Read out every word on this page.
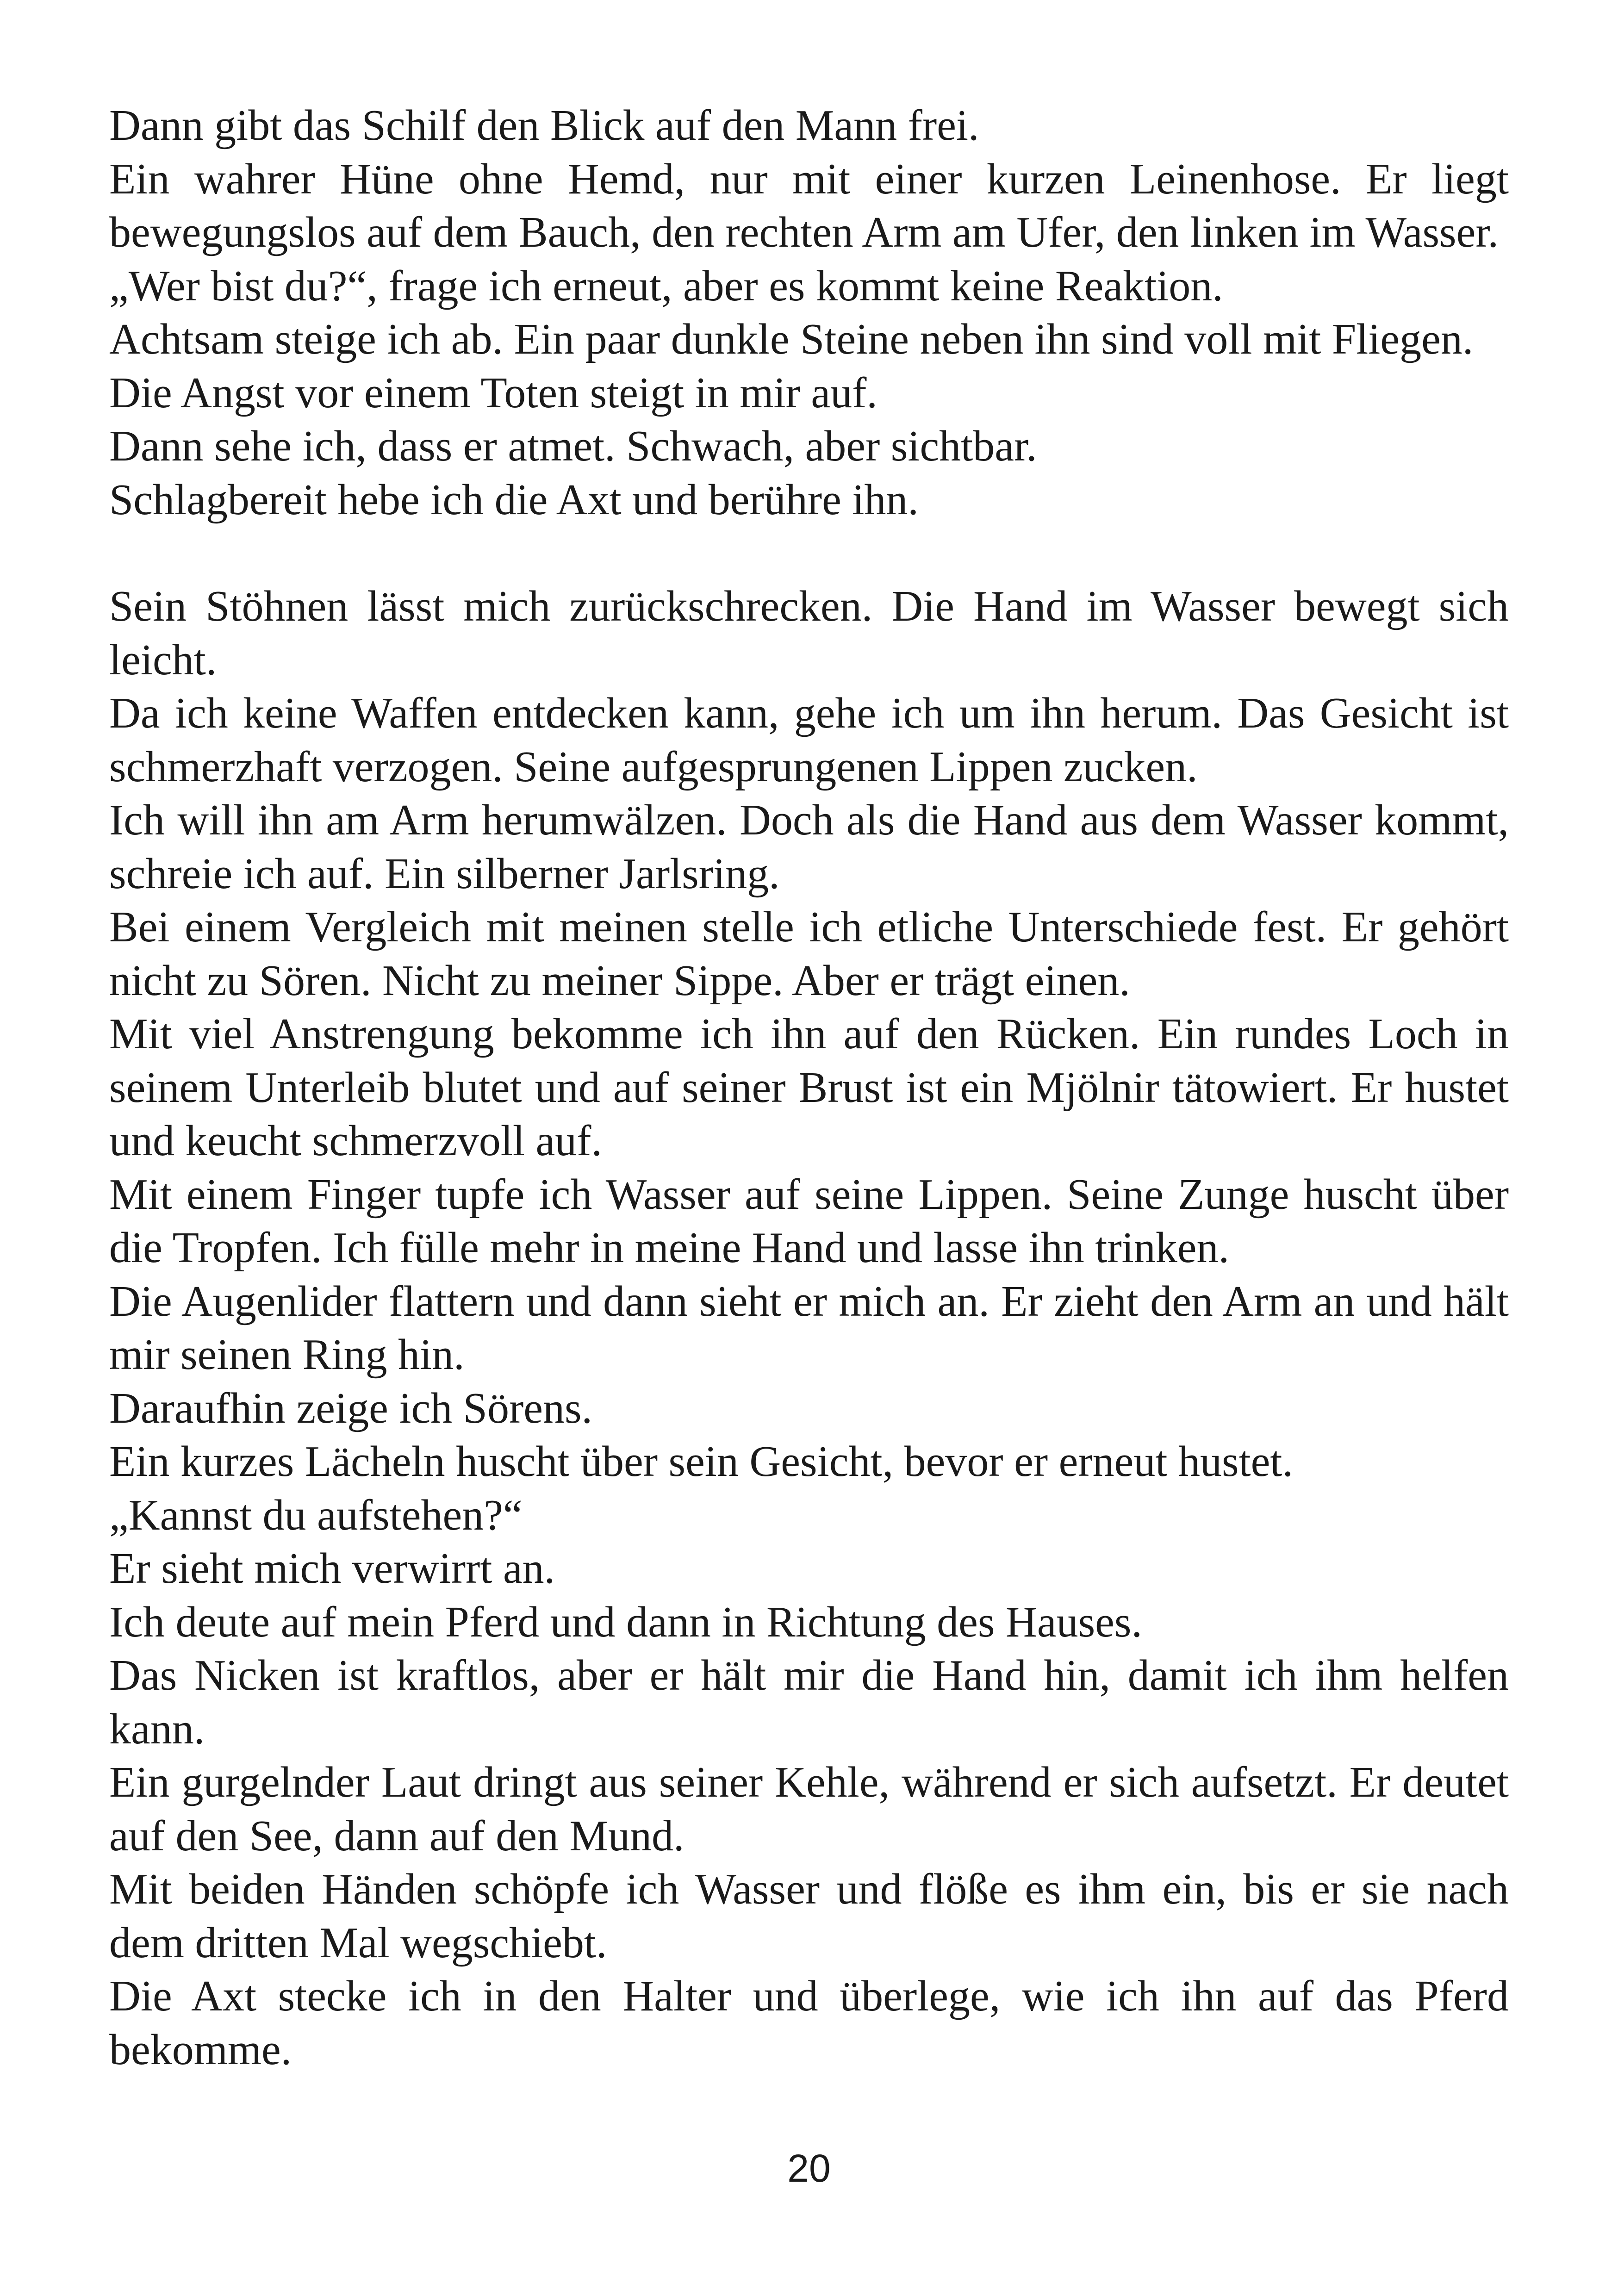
Dann gibt das Schilf den Blick auf den Mann frei.

Ein wahrer Hüne ohne Hemd, nur mit einer kurzen Leinenhose. Er liegt bewegungslos auf dem Bauch, den rechten Arm am Ufer, den linken im Wasser.

„Wer bist du?“, frage ich erneut, aber es kommt keine Reaktion.

Achtsam steige ich ab. Ein paar dunkle Steine neben ihn sind voll mit Fliegen.

Die Angst vor einem Toten steigt in mir auf.

Dann sehe ich, dass er atmet. Schwach, aber sichtbar.

Schlagbereit hebe ich die Axt und berühre ihn.

Sein Stöhnen lässt mich zurückschrecken. Die Hand im Wasser bewegt sich leicht.

Da ich keine Waffen entdecken kann, gehe ich um ihn herum. Das Gesicht ist schmerzhaft verzogen. Seine aufgesprungenen Lippen zucken.

Ich will ihn am Arm herumwälzen. Doch als die Hand aus dem Wasser kommt, schreie ich auf. Ein silberner Jarlsring.

Bei einem Vergleich mit meinen stelle ich etliche Unterschiede fest. Er gehört nicht zu Sören. Nicht zu meiner Sippe. Aber er trägt einen.

Mit viel Anstrengung bekomme ich ihn auf den Rücken. Ein rundes Loch in seinem Unterleib blutet und auf seiner Brust ist ein Mjölnir tätowiert. Er hustet und keucht schmerzvoll auf.

Mit einem Finger tupfe ich Wasser auf seine Lippen. Seine Zunge huscht über die Tropfen. Ich fülle mehr in meine Hand und lasse ihn trinken.

Die Augenlider flattern und dann sieht er mich an. Er zieht den Arm an und hält mir seinen Ring hin.

Daraufhin zeige ich Sörens.

Ein kurzes Lächeln huscht über sein Gesicht, bevor er erneut hustet.

„Kannst du aufstehen?“

Er sieht mich verwirrt an.

Ich deute auf mein Pferd und dann in Richtung des Hauses.

Das Nicken ist kraftlos, aber er hält mir die Hand hin, damit ich ihm helfen kann.

Ein gurgelnder Laut dringt aus seiner Kehle, während er sich aufsetzt. Er deutet auf den See, dann auf den Mund.

Mit beiden Händen schöpfe ich Wasser und flöße es ihm ein, bis er sie nach dem dritten Mal wegschiebt.

Die Axt stecke ich in den Halter und überlege, wie ich ihn auf das Pferd bekomme.

20
